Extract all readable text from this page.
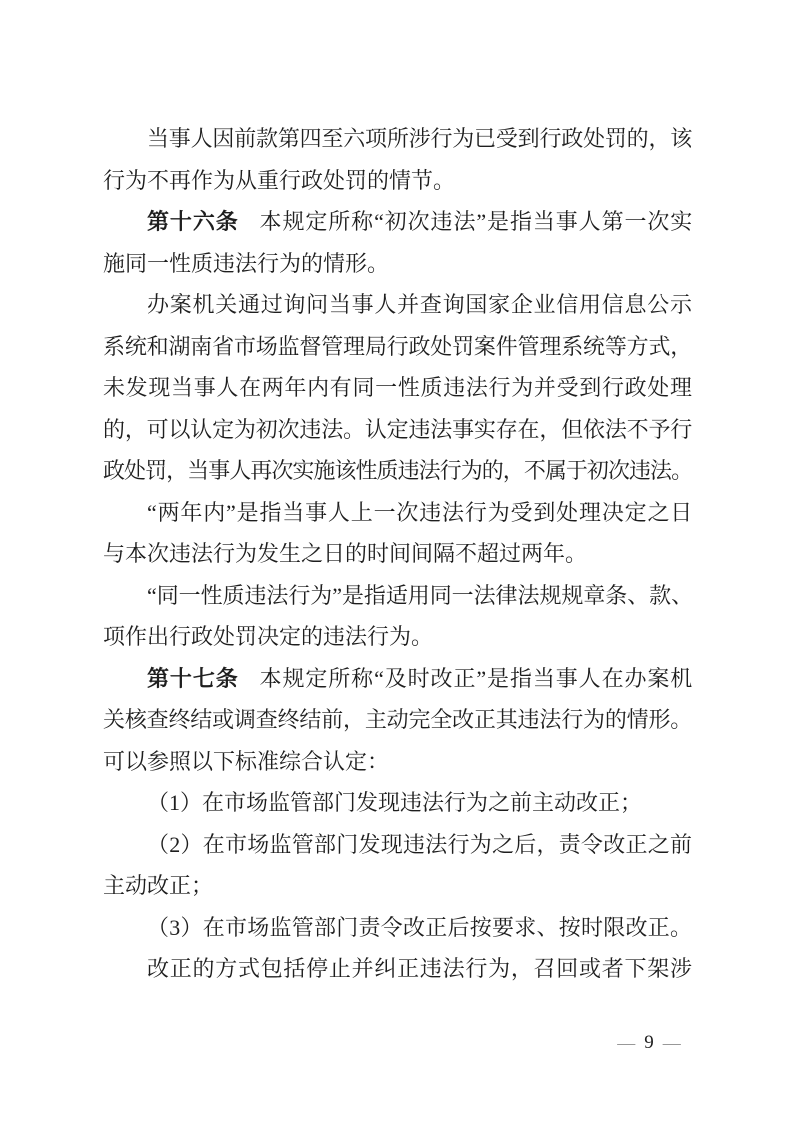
当事人因前款第四至六项所涉行为已受到行政处罚的，该
行为不再作为从重行政处罚的情节。
第十六条 本规定所称“初次违法”是指当事人第一次实
施同一性质违法行为的情形。
办案机关通过询问当事人并查询国家企业信用信息公示
系统和湖南省市场监督管理局行政处罚案件管理系统等方式，
未发现当事人在两年内有同一性质违法行为并受到行政处理
的，可以认定为初次违法。认定违法事实存在，但依法不予行
政处罚，当事人再次实施该性质违法行为的，不属于初次违法。
“两年内”是指当事人上一次违法行为受到处理决定之日
与本次违法行为发生之日的时间间隔不超过两年。
“同一性质违法行为”是指适用同一法律法规规章条、款、
项作出行政处罚决定的违法行为。
第十七条 本规定所称“及时改正”是指当事人在办案机
关核查终结或调查终结前，主动完全改正其违法行为的情形。
可以参照以下标准综合认定：
（1）在市场监管部门发现违法行为之前主动改正；
（2）在市场监管部门发现违法行为之后，责令改正之前
主动改正；
（3）在市场监管部门责令改正后按要求、按时限改正。
改正的方式包括停止并纠正违法行为，召回或者下架涉
— 9 —
